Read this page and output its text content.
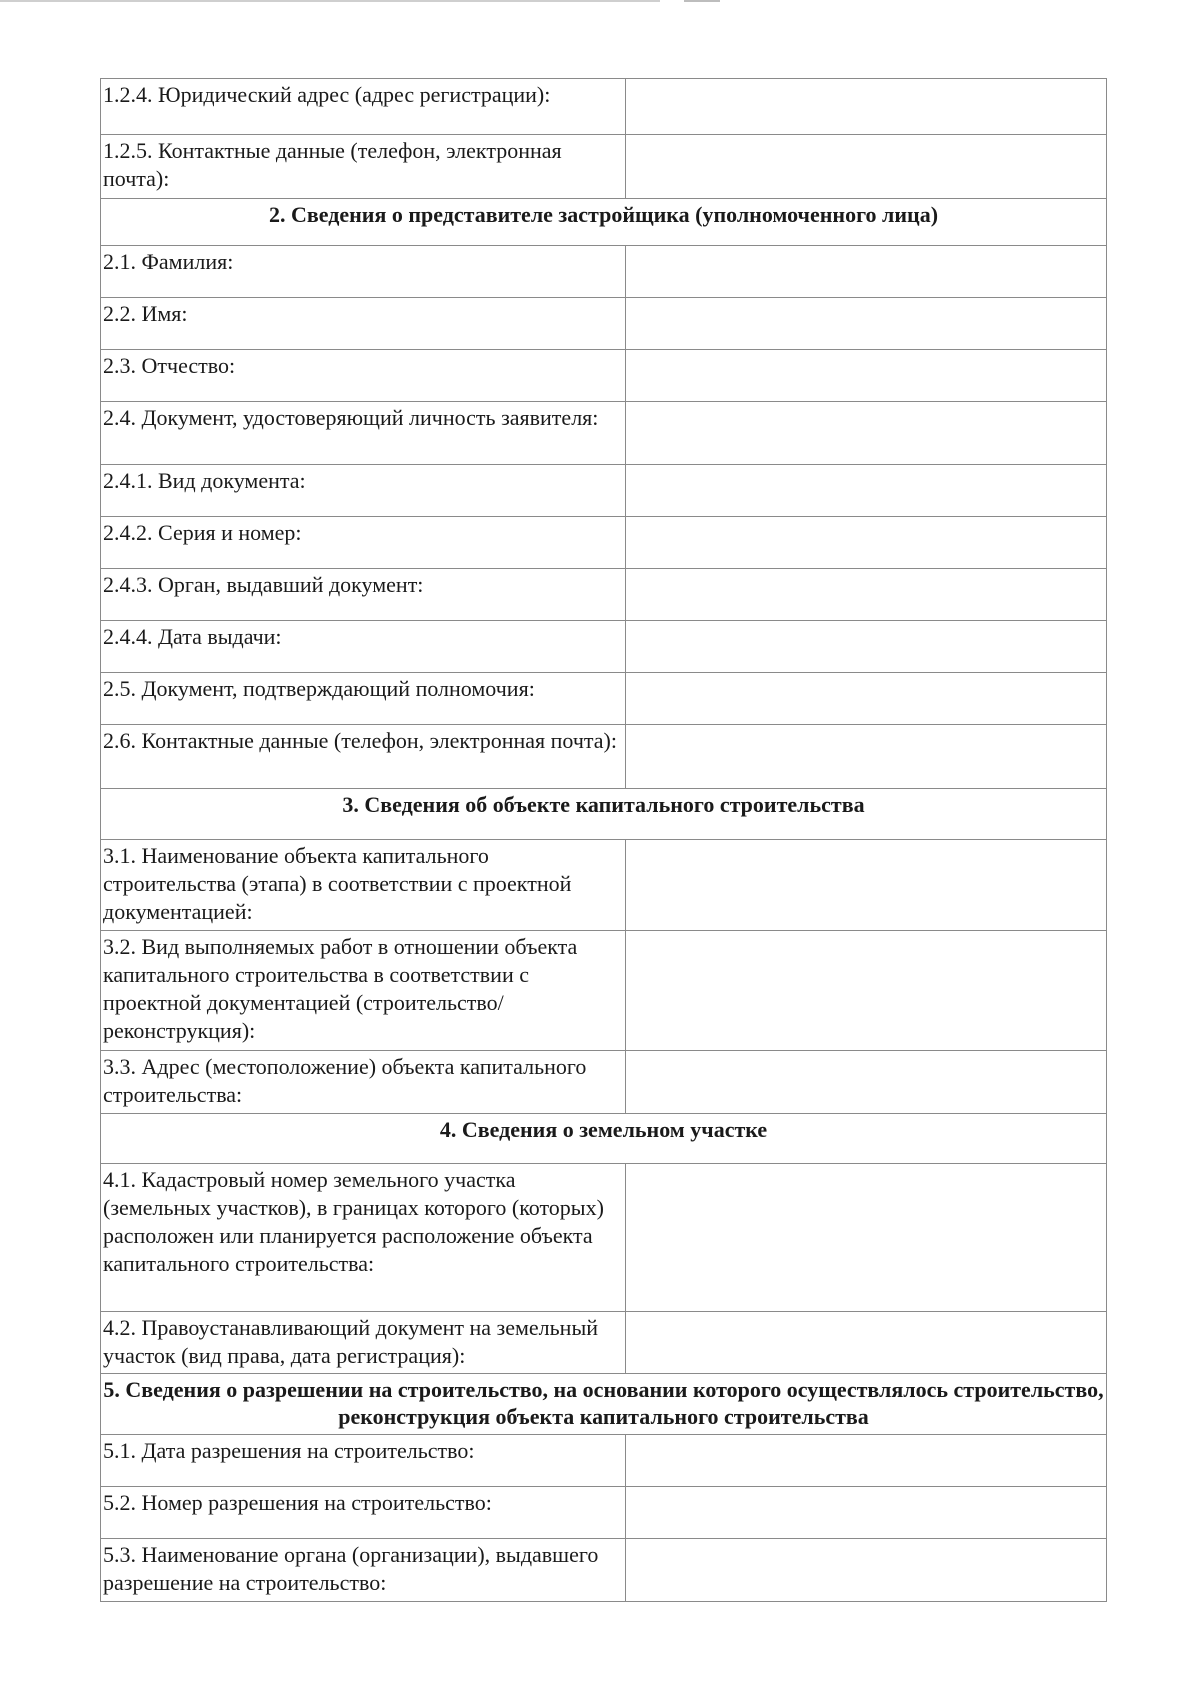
1.2.4. Юридический адрес (адрес регистрации):	
1.2.5. Контактные данные (телефон, электронная почта):	
2. Сведения о представителе застройщика (уполномоченного лица)	
2.1. Фамилия:	
2.2. Имя:	
2.3. Отчество:	
2.4. Документ, удостоверяющий личность заявителя:	
2.4.1. Вид документа:	
2.4.2. Серия и номер:	
2.4.3. Орган, выдавший документ:	
2.4.4. Дата выдачи:	
2.5. Документ, подтверждающий полномочия:	
2.6. Контактные данные (телефон, электронная почта):	
3. Сведения об объекте капитального строительства	
3.1. Наименование объекта капитального строительства (этапа) в соответствии с проектной документацией:	
3.2. Вид выполняемых работ в отношении объекта капитального строительства в соответствии с проектной документацией (строительство/реконструкция):	
3.3. Адрес (местоположение) объекта капитального строительства:	
4. Сведения о земельном участке	
4.1. Кадастровый номер земельного участка (земельных участков), в границах которого (которых) расположен или планируется расположение объекта капитального строительства:	
4.2. Правоустанавливающий документ на земельный участок (вид права, дата регистрация):	
5. Сведения о разрешении на строительство, на основании которого осуществлялось строительство, реконструкция объекта капитального строительства	
5.1. Дата разрешения на строительство:	
5.2. Номер разрешения на строительство:	
5.3. Наименование органа (организации), выдавшего разрешение на строительство:	
